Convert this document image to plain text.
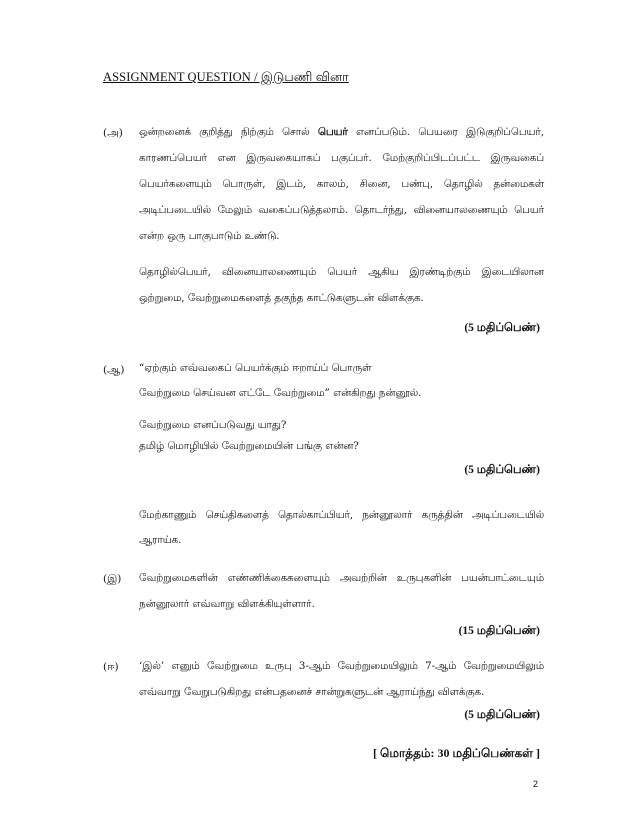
ASSIGNMENT QUESTION / இடுபணி வினா
(அ) ஒன்றனைக் குறித்து நிற்கும் சொல் பெயர் எனப்படும். பெயரை இடுகுறிப்பெயர்,
காரணப்பெயர் என இருவகையாகப் பகுப்பர். மேற்குறிப்பிடப்பட்ட இருவகைப்
பெயர்களையும் பொருள், இடம், காலம், சினை, பண்பு, தொழில் தன்மைகள்
அடிப்படையில் மேலும் வகைப்படுத்தலாம். தொடர்ந்து, வினையாலணையும் பெயர்
என்ற ஒரு பாகுபாடும் உண்டு.
தொழில்பெயர், வினையாலணையும் பெயர் ஆகிய இரண்டிற்கும் இடையிலான
ஒற்றுமை, வேற்றுமைகளைத் தகுந்த காட்டுகளுடன் விளக்குக.
(5 மதிப்பெண்)
(ஆ) “ஏற்கும் எவ்வகைப் பெயர்க்கும் ஈறாய்ப் பொருள்
வேற்றுமை செய்வன எட்டே வேற்றுமை” என்கிறது நன்னூல்.
வேற்றுமை எனப்படுவது யாது?
தமிழ் மொழியில் வேற்றுமையின் பங்கு என்ன?
(5 மதிப்பெண்)
மேற்காணும் செய்திகளைத் தொல்காப்பியர், நன்னூலார் கருத்தின் அடிப்படையில்
ஆராய்க.
(இ) வேற்றுமைகளின் எண்ணிக்கைகளையும் அவற்றின் உருபுகளின் பயன்பாட்டையும்
நன்னூலார் எவ்வாறு விளக்கியுள்ளார்.
(15 மதிப்பெண்)
(ஈ) ‘இல்’ எனும் வேற்றுமை உருபு 3-ஆம் வேற்றுமையிலும் 7-ஆம் வேற்றுமையிலும்
எவ்வாறு வேறுபடுகிறது என்பதனைச் சான்றுகளுடன் ஆராய்ந்து விளக்குக.
(5 மதிப்பெண்)
[ மொத்தம்: 30 மதிப்பெண்கள் ]
2
